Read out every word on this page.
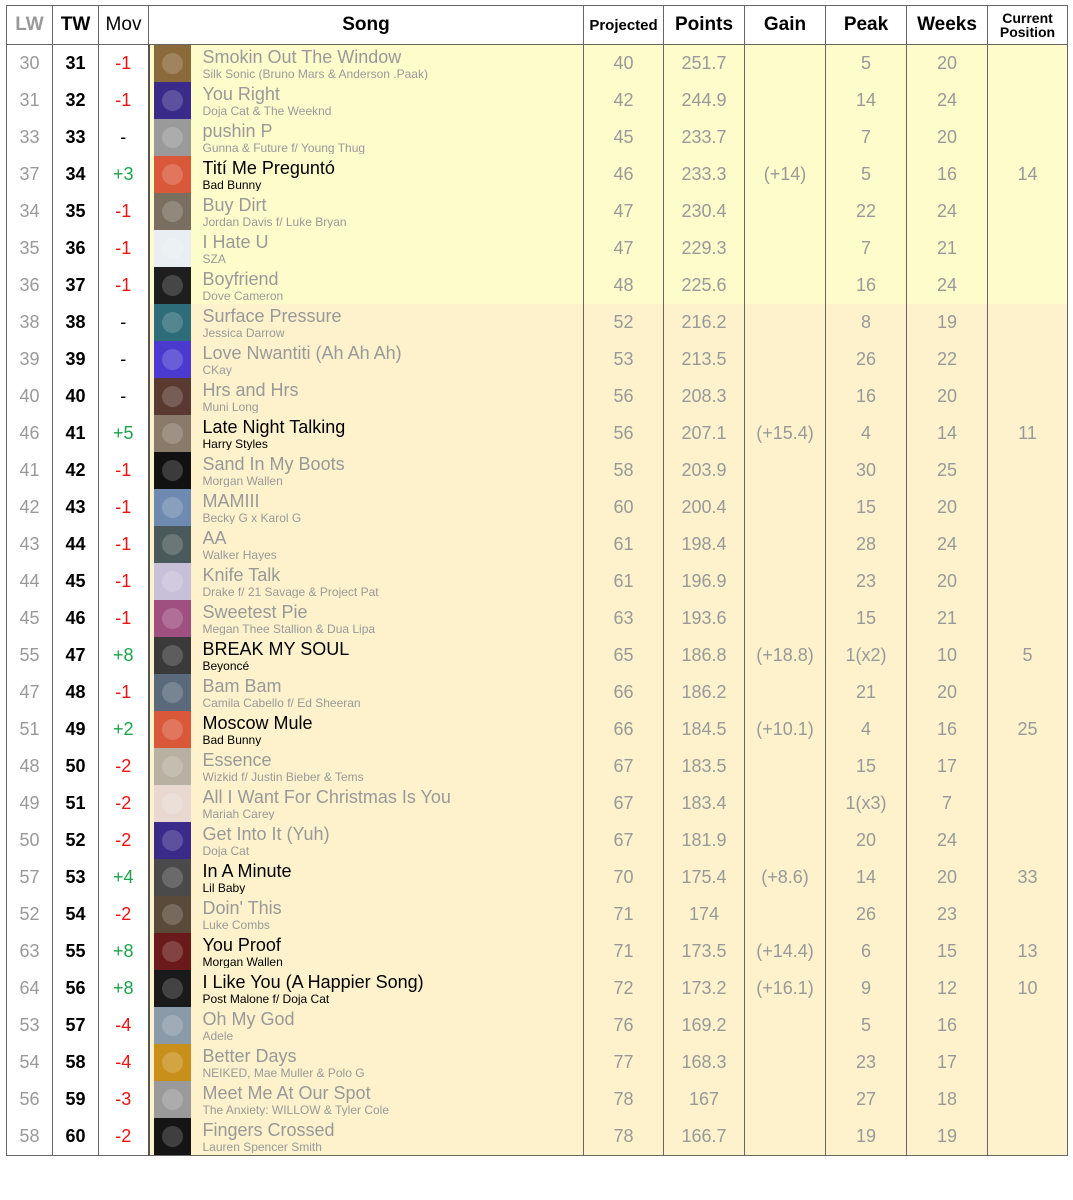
LW	TW	Mov	Song	Projected	Points	Gain	Peak	Weeks	Current
Position
30	31	-1	Smokin Out The Window
Silk Sonic (Bruno Mars & Anderson .Paak)	40	251.7		5	20	
31	32	-1	You Right
Doja Cat & The Weeknd	42	244.9		14	24	
33	33	-	pushin P
Gunna & Future f/ Young Thug	45	233.7		7	20	
37	34	+3	Tití Me Preguntó
Bad Bunny	46	233.3	(+14)	5	16	14
34	35	-1	Buy Dirt
Jordan Davis f/ Luke Bryan	47	230.4		22	24	
35	36	-1	I Hate U
SZA	47	229.3		7	21	
36	37	-1	Boyfriend
Dove Cameron	48	225.6		16	24	
38	38	-	Surface Pressure
Jessica Darrow	52	216.2		8	19	
39	39	-	Love Nwantiti (Ah Ah Ah)
CKay	53	213.5		26	22	
40	40	-	Hrs and Hrs
Muni Long	56	208.3		16	20	
46	41	+5	Late Night Talking
Harry Styles	56	207.1	(+15.4)	4	14	11
41	42	-1	Sand In My Boots
Morgan Wallen	58	203.9		30	25	
42	43	-1	MAMIII
Becky G x Karol G	60	200.4		15	20	
43	44	-1	AA
Walker Hayes	61	198.4		28	24	
44	45	-1	Knife Talk
Drake f/ 21 Savage & Project Pat	61	196.9		23	20	
45	46	-1	Sweetest Pie
Megan Thee Stallion & Dua Lipa	63	193.6		15	21	
55	47	+8	BREAK MY SOUL
Beyoncé	65	186.8	(+18.8)	1(x2)	10	5
47	48	-1	Bam Bam
Camila Cabello f/ Ed Sheeran	66	186.2		21	20	
51	49	+2	Moscow Mule
Bad Bunny	66	184.5	(+10.1)	4	16	25
48	50	-2	Essence
Wizkid f/ Justin Bieber & Tems	67	183.5		15	17	
49	51	-2	All I Want For Christmas Is You
Mariah Carey	67	183.4		1(x3)	7	
50	52	-2	Get Into It (Yuh)
Doja Cat	67	181.9		20	24	
57	53	+4	In A Minute
Lil Baby	70	175.4	(+8.6)	14	20	33
52	54	-2	Doin' This
Luke Combs	71	174		26	23	
63	55	+8	You Proof
Morgan Wallen	71	173.5	(+14.4)	6	15	13
64	56	+8	I Like You (A Happier Song)
Post Malone f/ Doja Cat	72	173.2	(+16.1)	9	12	10
53	57	-4	Oh My God
Adele	76	169.2		5	16	
54	58	-4	Better Days
NEIKED, Mae Muller & Polo G	77	168.3		23	17	
56	59	-3	Meet Me At Our Spot
The Anxiety: WILLOW & Tyler Cole	78	167		27	18	
58	60	-2	Fingers Crossed
Lauren Spencer Smith	78	166.7		19	19	
